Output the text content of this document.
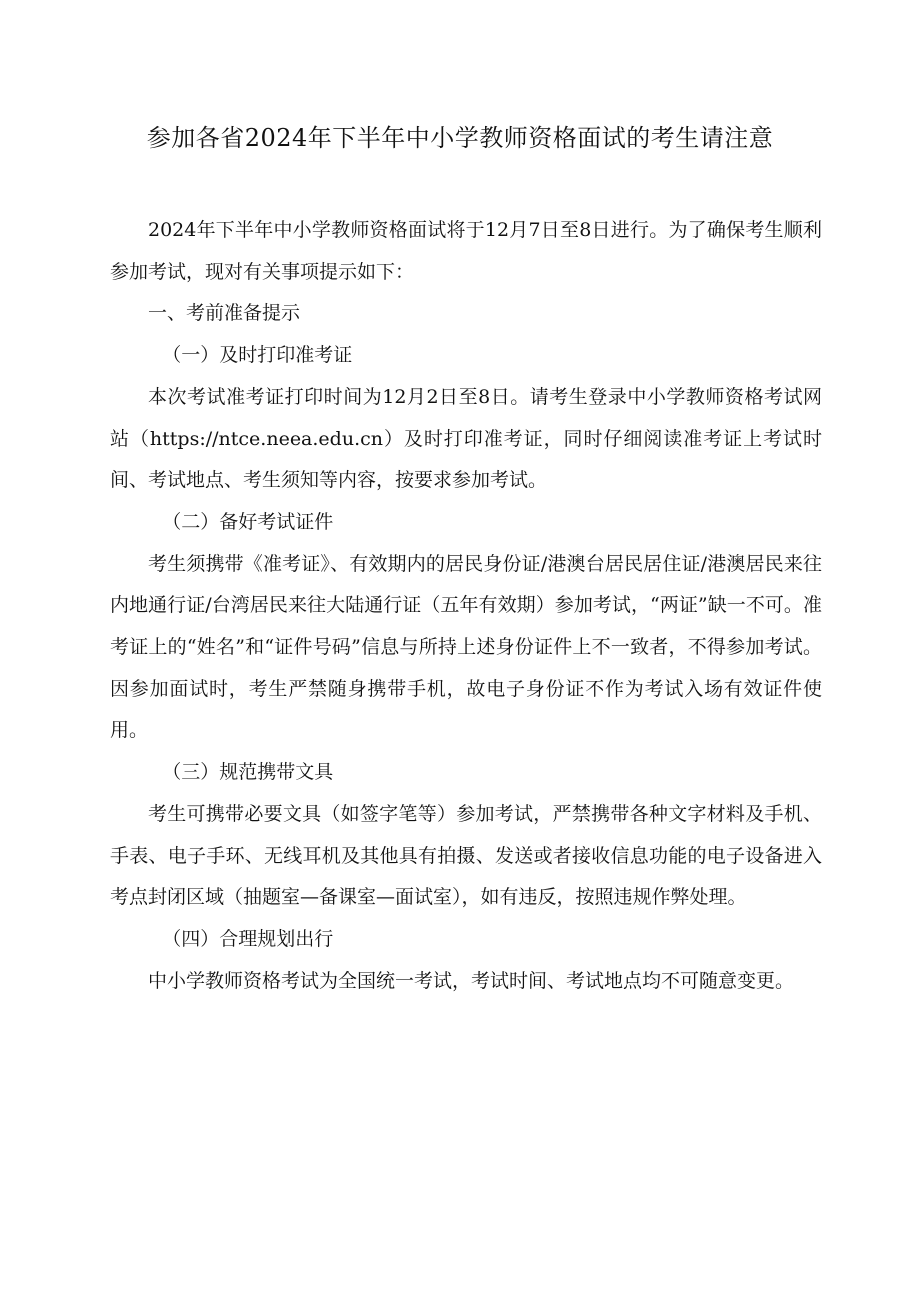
参加各省2024年下半年中小学教师资格面试的考生请注意

2024年下半年中小学教师资格面试将于12月7日至8日进行。为了确保考生顺利参加考试，现对有关事项提示如下：

一、考前准备提示

（一）及时打印准考证

本次考试准考证打印时间为12月2日至8日。请考生登录中小学教师资格考试网站（https://ntce.neea.edu.cn）及时打印准考证，同时仔细阅读准考证上考试时间、考试地点、考生须知等内容，按要求参加考试。

（二）备好考试证件

考生须携带《准考证》、有效期内的居民身份证/港澳台居民居住证/港澳居民来往内地通行证/台湾居民来往大陆通行证（五年有效期）参加考试，“两证”缺一不可。准考证上的“姓名”和“证件号码”信息与所持上述身份证件上不一致者，不得参加考试。因参加面试时，考生严禁随身携带手机，故电子身份证不作为考试入场有效证件使用。

（三）规范携带文具

考生可携带必要文具（如签字笔等）参加考试，严禁携带各种文字材料及手机、手表、电子手环、无线耳机及其他具有拍摄、发送或者接收信息功能的电子设备进入考点封闭区域（抽题室—备课室—面试室），如有违反，按照违规作弊处理。

（四）合理规划出行

中小学教师资格考试为全国统一考试，考试时间、考试地点均不可随意变更。
